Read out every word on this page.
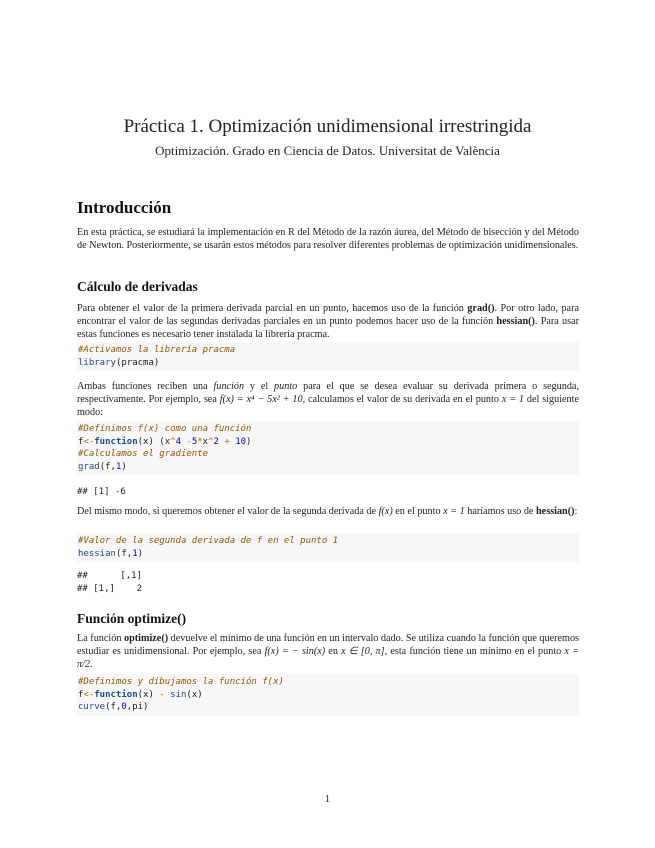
Práctica 1. Optimización unidimensional irrestringida
Optimización. Grado en Ciencia de Datos. Universitat de València
Introducción

En esta práctica, se estudiará la implementación en R del Método de la razón áurea, del Método de bisección y del Método de Newton. Posteriormente, se usarán estos métodos para resolver diferentes problemas de optimización unidimensionales.

Cálculo de derivadas

Para obtener el valor de la primera derivada parcial en un punto, hacemos uso de la función grad(). Por otro lado, para encontrar el valor de las segundas derivadas parciales en un punto podemos hacer uso de la función hessian(). Para usar estas funciones es necesario tener instalada la librería pracma.

#Activamos la librería pracma
library(pracma)

Ambas funciones reciben una función y el punto para el que se desea evaluar su derivada primera o segunda, respectivamente. Por ejemplo, sea f(x) = x⁴ − 5x² + 10, calculamos el valor de su derivada en el punto x = 1 del siguiente modo:

#Definimos f(x) como una función
f<-function(x) (x^4 -5*x^2 + 10)
#Calculamos el gradiente
grad(f,1)
## [1] -6

Del mismo modo, si queremos obtener el valor de la segunda derivada de f(x) en el punto x = 1 haríamos uso de hessian():

#Valor de la segunda derivada de f en el punto 1
hessian(f,1)
##      [,1]
## [1,]    2
Función optimize()

La función optimize() devuelve el mínimo de una función en un intervalo dado. Se utiliza cuando la función que queremos estudiar es unidimensional. Por ejemplo, sea f(x) = − sin(x) en x ∈ [0, π], esta función tiene un mínimo en el punto x = π/2.

#Definimos y dibujamos la función f(x)
f<-function(x) - sin(x)
curve(f,0,pi)
1
